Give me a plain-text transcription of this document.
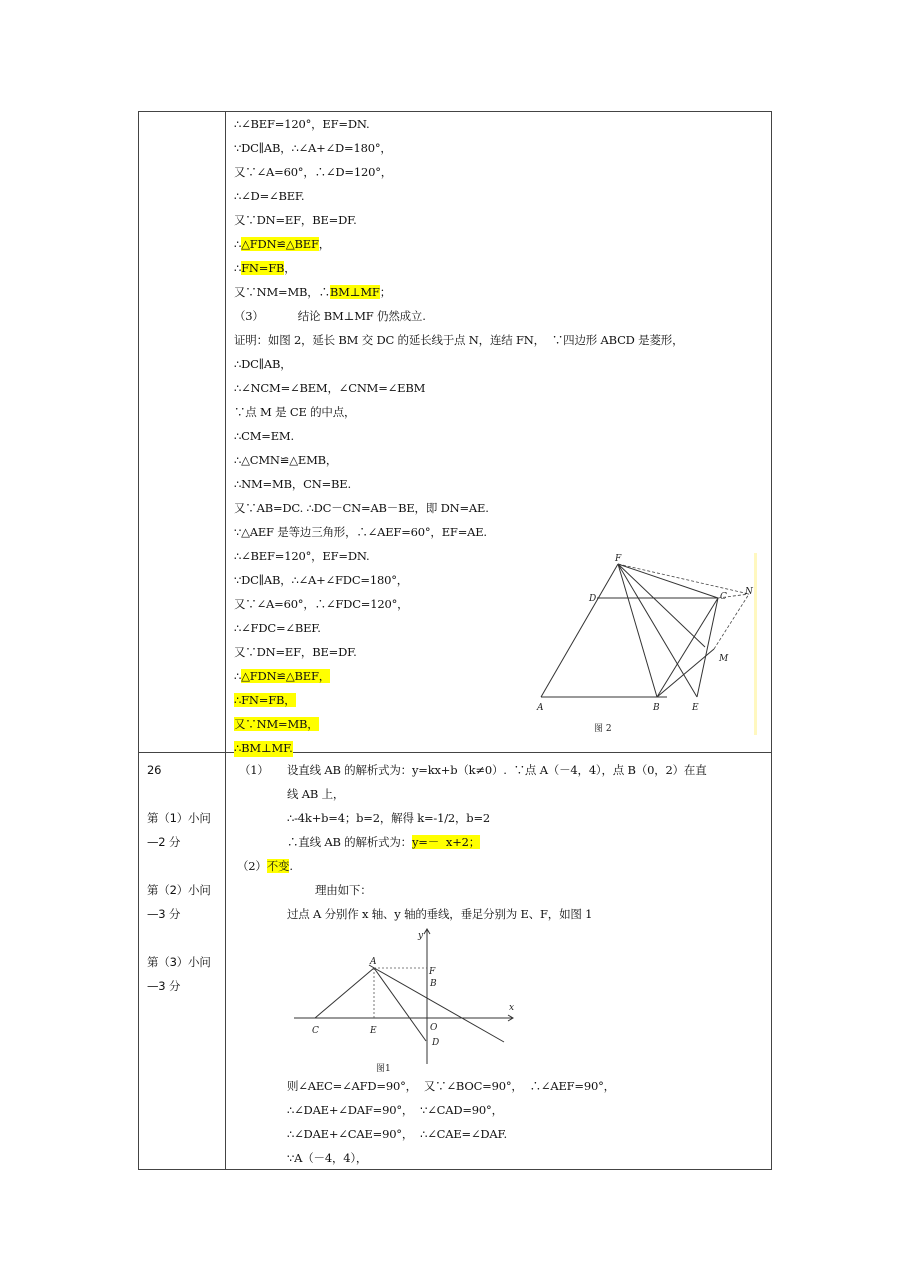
∴∠BEF=120°，EF=DN.
∵DC∥AB，∴∠A+∠D=180°，
又∵∠A=60°，∴∠D=120°，
∴∠D=∠BEF.
又∵DN=EF，BE=DF.
∴△FDN≌△BEF，
∴FN=FB，
又∵NM=MB，∴BM⊥MF；
（3）	结论 BM⊥MF 仍然成立.
证明：如图 2，延长 BM 交 DC 的延长线于点 N，连结 FN，  ∵四边形 ABCD 是菱形，
∴DC∥AB，
∴∠NCM=∠BEM，∠CNM=∠EBM
∵点 M 是 CE 的中点，
∴CM=EM.
∴△CMN≌△EMB，
∴NM=MB，CN=BE.
又∵AB=DC. ∴DC－CN=AB－BE，即 DN=AE.
∵△AEF 是等边三角形，∴∠AEF=60°，EF=AE.
∴∠BEF=120°，EF=DN.
∵DC∥AB，∴∠A+∠FDC=180°，
又∵∠A=60°，∴∠FDC=120°，
∴∠FDC=∠BEF.
又∵DN=EF，BE=DF.
∴△FDN≌△BEF，
∴FN=FB，
又∵NM=MB，
∴BM⊥MF.
F
D	C N
M
A	B	E
图 2
26
第（1）小问
—2 分
第（2）小问
—3 分
第（3）小问
—3 分
（1） 设直线 AB 的解析式为：y=kx+b（k≠0）.  ∵点 A（－4，4），点 B（0，2）在直
线 AB 上，
∴-4k+b=4；b=2，解得 k=-1/2，b=2
∴直线 AB 的解析式为：y=－  x+2；
（2）不变.
理由如下：
过点 A 分别作 x 轴、y 轴的垂线，垂足分别为 E、F，如图 1
y
x
A
F
B
C	E	O
D
图1
则∠AEC=∠AFD=90°，  又∵∠BOC=90°，  ∴∠AEF=90°，
∴∠DAE+∠DAF=90°，  ∵∠CAD=90°，
∴∠DAE+∠CAE=90°，  ∴∠CAE=∠DAF.
∵A（－4，4），
